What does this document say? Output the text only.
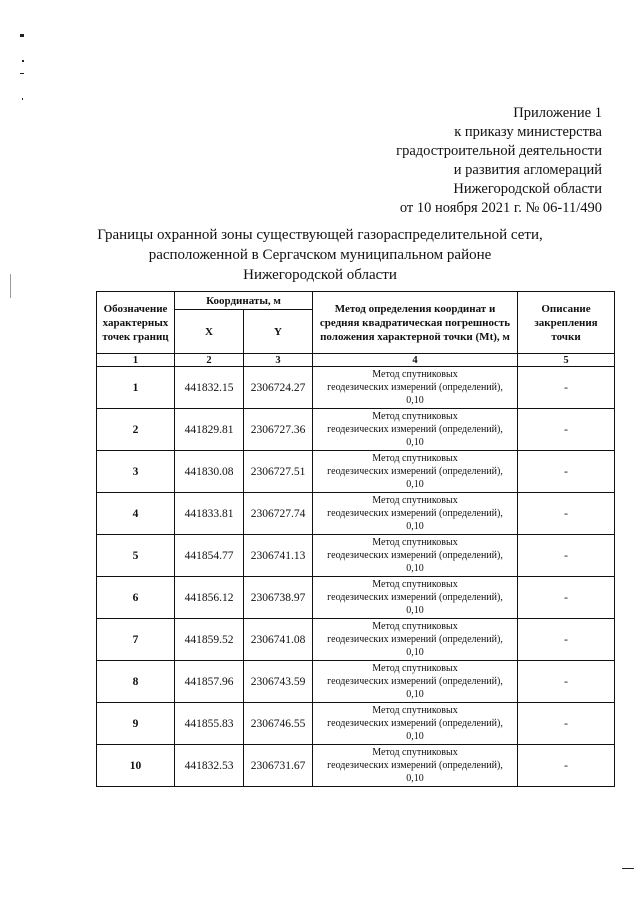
Приложение 1
к приказу министерства
градостроительной деятельности
и развития агломераций
Нижегородской области
от 10 ноября 2021 г. № 06-11/490
Границы охранной зоны существующей газораспределительной сети,
расположенной в Сергачском муниципальном районе
Нижегородской области
Обозначение характерных точек границ	Координаты, м		Метод определения координат и средняя квадратическая погрешность положения характерной точки (Mt), м	Описание закрепления точки
	X	Y		
1	2	3	4	5
1	441832.15	2306724.27	Метод спутниковых
геодезических измерений (определений),
0,10	-
2	441829.81	2306727.36	Метод спутниковых
геодезических измерений (определений),
0,10	-
3	441830.08	2306727.51	Метод спутниковых
геодезических измерений (определений),
0,10	-
4	441833.81	2306727.74	Метод спутниковых
геодезических измерений (определений),
0,10	-
5	441854.77	2306741.13	Метод спутниковых
геодезических измерений (определений),
0,10	-
6	441856.12	2306738.97	Метод спутниковых
геодезических измерений (определений),
0,10	-
7	441859.52	2306741.08	Метод спутниковых
геодезических измерений (определений),
0,10	-
8	441857.96	2306743.59	Метод спутниковых
геодезических измерений (определений),
0,10	-
9	441855.83	2306746.55	Метод спутниковых
геодезических измерений (определений),
0,10	-
10	441832.53	2306731.67	Метод спутниковых
геодезических измерений (определений),
0,10	-
